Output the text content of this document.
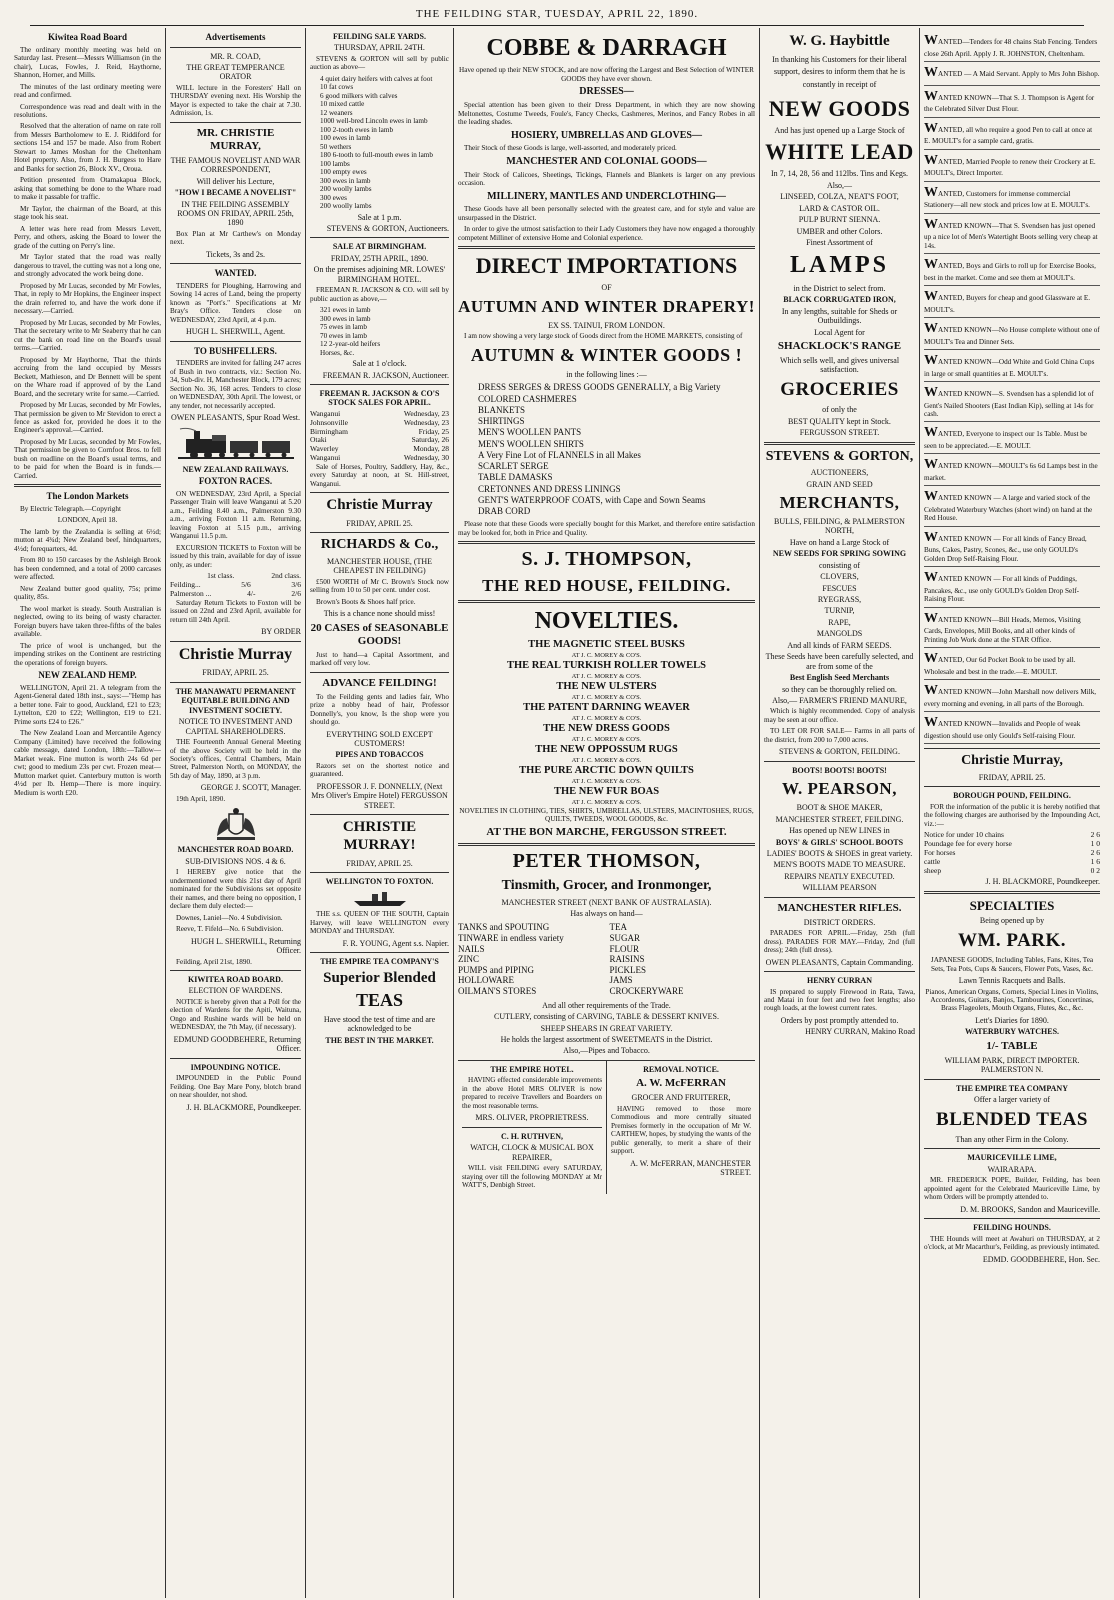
THE FEILDING STAR, TUESDAY, APRIL 22, 1890.
Kiwitea Road Board

The ordinary monthly meeting was held on Saturday last. Present—Messrs Williamson (in the chair), Lucas, Fowles, J. Reid, Haythorne, Shannon, Horner, and Mills.

The minutes of the last ordinary meeting were read and confirmed.

Correspondence was read and dealt with in the resolutions.

Resolved that the alteration of name on rate roll from Messrs Bartholomew to E. J. Riddiford for sections 154 and 157 be made. Also from Robert Stewart to James Moshan for the Cheltenham Hotel property. Also, from J. H. Burgess to Hare and Banks for section 26, Block XV., Oroua.

Petition presented from Otamakapua Block, asking that something be done to the Whare road to make it passable for traffic.

Mr Taylor, the chairman of the Board, at this stage took his seat.

A letter was here read from Messrs Levett, Perry, and others, asking the Board to lower the grade of the cutting on Perry's line.

Mr Taylor stated that the road was really dangerous to travel, the cutting was not a long one, and strongly advocated the work being done.

Proposed by Mr Lucas, seconded by Mr Fowles, That, in reply to Mr Hopkins, the Engineer inspect the drain referred to, and have the work done if necessary.—Carried.

Proposed by Mr Lucas, seconded by Mr Fowles, That the secretary write to Mr Seaberry that he can cut the bank on road line on the Board's usual terms.—Carried.

Proposed by Mr Haythorne, That the thirds accruing from the land occupied by Messrs Beckett, Mathieson, and Dr Bennett will be spent on the Whare road if approved of by the Land Board, and the secretary write for same.—Carried.

Proposed by Mr Lucas, seconded by Mr Fowles, That permission be given to Mr Stevidon to erect a fence as asked for, provided he does it to the Engineer's approval.—Carried.

Proposed by Mr Lucas, seconded by Mr Fowles, That permission be given to Cornfoot Bros. to fell bush on roadline on the Board's usual terms, and to be paid for when the Board is in funds.—Carried.

The London Markets

By Electric Telegraph.—Copyright

LONDON, April 18.

The lamb by the Zealandia is selling at 6½d; mutton at 4¾d; New Zealand beef, hindquarters, 4½d; forequarters, 4d.

From 80 to 150 carcases by the Ashleigh Brook has been condemned, and a total of 2000 carcases were affected.

New Zealand butter good quality, 75s; prime quality, 85s.

The wool market is steady. South Australian is neglected, owing to its being of wasty character. Foreign buyers have taken three-fifths of the bales available.

The price of wool is unchanged, but the impending strikes on the Continent are restricting the operations of foreign buyers.

NEW ZEALAND HEMP.

WELLINGTON, April 21. A telegram from the Agent-General dated 18th inst., says:—"Hemp has a better tone. Fair to good, Auckland, £21 to £23; Lyttelton, £20 to £22; Wellington, £19 to £21. Prime sorts £24 to £26."

The New Zealand Loan and Mercantile Agency Company (Limited) have received the following cable message, dated London, 18th:—Tallow—Market weak. Fine mutton is worth 24s 6d per cwt; good to medium 23s per cwt. Frozen meat—Mutton market quiet. Canterbury mutton is worth 4½d per lb. Hemp—There is more inquiry. Medium is worth £20.

Advertisements
MR. R. COAD,
THE GREAT TEMPERANCE ORATOR

WILL lecture in the Foresters' Hall on THURSDAY evening next. His Worship the Mayor is expected to take the chair at 7.30. Admission, 1s.

MR. CHRISTIE MURRAY,
THE FAMOUS NOVELIST AND WAR CORRESPONDENT,
Will deliver his Lecture,
"HOW I BECAME A NOVELIST"
IN THE FEILDING ASSEMBLY ROOMS ON FRIDAY, APRIL 25th, 1890

Box Plan at Mr Carthew's on Monday next.

Tickets, 3s and 2s.
WANTED.

TENDERS for Ploughing, Harrowing and Sowing 14 acres of Land, being the property known as "Port's." Specifications at Mr Bray's Office. Tenders close on WEDNESDAY, 23rd April, at 4 p.m.

HUGH L. SHERWILL, Agent.
TO BUSHFELLERS.

TENDERS are invited for falling 247 acres of Bush in two contracts, viz.: Section No. 34, Sub-div. H, Manchester Block, 179 acres; Section No. 36, 168 acres. Tenders to close on WEDNESDAY, 30th April. The lowest, or any tender, not necessarily accepted.

OWEN PLEASANTS, Spur Road West.
NEW ZEALAND RAILWAYS.
FOXTON RACES.

ON WEDNESDAY, 23rd April, a Special Passenger Train will leave Wanganui at 5.20 a.m., Feilding 8.40 a.m., Palmerston 9.30 a.m., arriving Foxton 11 a.m. Returning, leaving Foxton at 5.15 p.m., arriving Wanganui 11.5 p.m.

EXCURSION TICKETS to Foxton will be issued by this train, available for day of issue only, as under:

1st class.	2nd class.
Feilding...	5/6	3/6
Palmerston ...	4/-	2/6

Saturday Return Tickets to Foxton will be issued on 22nd and 23rd April, available for return till 24th April.

BY ORDER
Christie Murray
FRIDAY, APRIL 25.
THE MANAWATU PERMANENT EQUITABLE BUILDING AND INVESTMENT SOCIETY.
NOTICE TO INVESTMENT AND CAPITAL SHAREHOLDERS.

THE Fourteenth Annual General Meeting of the above Society will be held in the Society's offices, Central Chambers, Main Street, Palmerston North, on MONDAY, the 5th day of May, 1890, at 3 p.m.

GEORGE J. SCOTT, Manager.

19th April, 1890.

MANCHESTER ROAD BOARD.
SUB-DIVISIONS NOS. 4 & 6.

I HEREBY give notice that the undermentioned were this 21st day of April nominated for the Subdivisions set opposite their names, and there being no opposition, I declare them duly elected:—

Downes, Laniel—No. 4 Subdivision.

Reeve, T. Fifeld—No. 6 Subdivision.

HUGH L. SHERWILL, Returning Officer.

Feilding, April 21st, 1890.

KIWITEA ROAD BOARD.
ELECTION OF WARDENS.

NOTICE is hereby given that a Poll for the election of Wardens for the Apiti, Waituna, Ongo and Rushine wards will be held on WEDNESDAY, the 7th May, (if necessary).

EDMUND GOODBEHERE, Returning Officer.
IMPOUNDING NOTICE.

IMPOUNDED in the Public Pound Feilding. One Bay Mare Pony, blotch brand on near shoulder, not shod.

J. H. BLACKMORE, Poundkeeper.
FEILDING SALE YARDS.
THURSDAY, APRIL 24TH.

STEVENS & GORTON will sell by public auction as above—

4 quiet dairy heifers with calves at foot
10 fat cows
6 good milkers with calves
10 mixed cattle
12 weaners
1000 well-bred Lincoln ewes in lamb
100 2-tooth ewes in lamb
100 ewes in lamb
50 wethers
180 6-tooth to full-mouth ewes in lamb
100 lambs
100 empty ewes
300 ewes in lamb
200 woolly lambs
300 ewes
200 woolly lambs
Sale at 1 p.m.
STEVENS & GORTON, Auctioneers.
SALE AT BIRMINGHAM.
FRIDAY, 25TH APRIL, 1890.
On the premises adjoining MR. LOWES' BIRMINGHAM HOTEL.

FREEMAN R. JACKSON & CO. will sell by public auction as above,—

321 ewes in lamb
300 ewes in lamb
75 ewes in lamb
70 ewes in lamb
12 2-year-old heifers
Horses, &c.
Sale at 1 o'clock.
FREEMAN R. JACKSON, Auctioneer.
FREEMAN R. JACKSON & CO'S STOCK SALES FOR APRIL.
Wanganui	Wednesday, 23
Johnsonville	Wednesday, 23
Birmingham	Friday, 25
Otaki	Saturday, 26
Waverley	Monday, 28
Wanganui	Wednesday, 30

Sale of Horses, Poultry, Saddlery, Hay, &c., every Saturday at noon, at St. Hill-street, Wanganui.

Christie Murray
FRIDAY, APRIL 25.
RICHARDS & Co.,
MANCHESTER HOUSE, (THE CHEAPEST IN FEILDING)

£500 WORTH of Mr C. Brown's Stock now selling from 10 to 50 per cent. under cost.

Brown's Boots & Shoes half price.

This is a chance none should miss!
20 CASES of SEASONABLE GOODS!

Just to hand—a Capital Assortment, and marked off very low.

ADVANCE FEILDING!

To the Feilding gents and ladies fair, Who prize a nobby head of hair, Professor Donnelly's, you know, Is the shop were you should go.

EVERYTHING SOLD EXCEPT CUSTOMERS!
PIPES AND TOBACCOS

Razors set on the shortest notice and guaranteed.

PROFESSOR J. F. DONNELLY, (Next Mrs Oliver's Empire Hotel) FERGUSSON STREET.
CHRISTIE MURRAY!
FRIDAY, APRIL 25.
WELLINGTON TO FOXTON.

THE s.s. QUEEN OF THE SOUTH, Captain Harvey, will leave WELLINGTON every MONDAY and THURSDAY.

F. R. YOUNG, Agent s.s. Napier.
THE EMPIRE TEA COMPANY'S
Superior Blended
TEAS
Have stood the test of time and are acknowledged to be
THE BEST IN THE MARKET.
COBBE & DARRAGH

Have opened up their NEW STOCK, and are now offering the Largest and Best Selection of WINTER GOODS they have ever shown.

DRESSES—

Special attention has been given to their Dress Department, in which they are now showing Meltonettes, Costume Tweeds, Foule's, Fancy Checks, Cashmeres, Merinos, and Fancy Robes in all the leading shades.

HOSIERY, UMBRELLAS AND GLOVES—

Their Stock of these Goods is large, well-assorted, and moderately priced.

MANCHESTER AND COLONIAL GOODS—

Their Stock of Calicoes, Sheetings, Tickings, Flannels and Blankets is larger on any previous occasion.

MILLINERY, MANTLES AND UNDERCLOTHING—

These Goods have all been personally selected with the greatest care, and for style and value are unsurpassed in the District.

In order to give the utmost satisfaction to their Lady Customers they have now engaged a thoroughly competent Milliner of extensive Home and Colonial experience.

DIRECT IMPORTATIONS
OF
AUTUMN AND WINTER DRAPERY!
EX SS. TAINUI, FROM LONDON.

I am now showing a very large stock of Goods direct from the HOME MARKETS, consisting of

AUTUMN & WINTER GOODS !
in the following lines :—
DRESS SERGES & DRESS GOODS GENERALLY, a Big Variety
COLORED CASHMERES
BLANKETS
SHIRTINGS
MEN'S WOOLLEN PANTS
MEN'S WOOLLEN SHIRTS
A Very Fine Lot of FLANNELS in all Makes
SCARLET SERGE
TABLE DAMASKS
CRETONNES AND DRESS LININGS
GENT'S WATERPROOF COATS, with Cape and Sown Seams
DRAB CORD

Please note that these Goods were specially bought for this Market, and therefore entire satisfaction may be looked for, both in Price and Quality.

S. J. THOMPSON,
THE RED HOUSE, FEILDING.
NOVELTIES.
THE MAGNETIC STEEL BUSKS
AT J. C. MOREY & CO'S.
THE REAL TURKISH ROLLER TOWELS
AT J. C. MOREY & CO'S.
THE NEW ULSTERS
AT J. C. MOREY & CO'S.
THE PATENT DARNING WEAVER
AT J. C. MOREY & CO'S.
THE NEW DRESS GOODS
AT J. C. MOREY & CO'S.
THE NEW OPPOSSUM RUGS
AT J. C. MOREY & CO'S.
THE PURE ARCTIC DOWN QUILTS
AT J. C. MOREY & CO'S.
THE NEW FUR BOAS
AT J. C. MOREY & CO'S.

NOVELTIES IN CLOTHING, TIES, SHIRTS, UMBRELLAS, ULSTERS, MACINTOSHES, RUGS, QUILTS, TWEEDS, WOOL GOODS, &c.

AT THE BON MARCHE, FERGUSSON STREET.
PETER THOMSON,
Tinsmith, Grocer, and Ironmonger,
MANCHESTER STREET (NEXT BANK OF AUSTRALASIA).
Has always on hand—
TANKS and SPOUTING
TINWARE in endless variety
NAILS
ZINC
PUMPS and PIPING
HOLLOWARE
OILMAN'S STORES
TEA
SUGAR
FLOUR
RAISINS
PICKLES
JAMS
CROCKERYWARE
And all other requirements of the Trade.
CUTLERY, consisting of CARVING, TABLE & DESSERT KNIVES.
SHEEP SHEARS IN GREAT VARIETY.
He holds the largest assortment of SWEETMEATS in the District.
Also,—Pipes and Tobacco.
THE EMPIRE HOTEL.

HAVING effected considerable improvements in the above Hotel MRS OLIVER is now prepared to receive Travellers and Boarders on the most reasonable terms.

MRS. OLIVER, PROPRIETRESS.
C. H. RUTHVEN,
WATCH, CLOCK & MUSICAL BOX REPAIRER,

WILL visit FEILDING every SATURDAY, staying over till the following MONDAY at Mr WATT'S, Denbigh Street.

REMOVAL NOTICE.
A. W. McFERRAN
GROCER AND FRUITERER,

HAVING removed to those more Commodious and more centrally situated Premises formerly in the occupation of Mr W. CARTHEW, hopes, by studying the wants of the public generally, to merit a share of their support.

A. W. McFERRAN, MANCHESTER STREET.
W. G. Haybittle

In thanking his Customers for their liberal support, desires to inform them that he is constantly in receipt of

NEW GOODS
And has just opened up a Large Stock of
WHITE LEAD
In 7, 14, 28, 56 and 112lbs. Tins and Kegs.
Also,—
LINSEED, COLZA, NEAT'S FOOT,
LARD & CASTOR OIL.
PULP BURNT SIENNA.
UMBER and other Colors.
Finest Assortment of
LAMPS
in the District to select from.
BLACK CORRUGATED IRON,
In any lengths, suitable for Sheds or Outbuildings.
Local Agent for
SHACKLOCK'S RANGE
Which sells well, and gives universal satisfaction.
GROCERIES
of only the
BEST QUALITY kept in Stock.
FERGUSSON STREET.
STEVENS & GORTON,
AUCTIONEERS,
GRAIN AND SEED
MERCHANTS,
BULLS, FEILDING, & PALMERSTON NORTH,
Have on hand a Large Stock of
NEW SEEDS FOR SPRING SOWING
consisting of
CLOVERS,
FESCUES
RYEGRASS,
TURNIP,
RAPE,
MANGOLDS
And all kinds of FARM SEEDS.
These Seeds have been carefully selected, and are from some of the
Best English Seed Merchants
so they can be thoroughly relied on.
Also,— FARMER'S FRIEND MANURE,

Which is highly recommended. Copy of analysis may be seen at our office.

TO LET OR FOR SALE— Farms in all parts of the district, from 200 to 7,000 acres.

STEVENS & GORTON, FEILDING.
BOOTS! BOOTS! BOOTS!
W. PEARSON,
BOOT & SHOE MAKER,
MANCHESTER STREET, FEILDING.
Has opened up NEW LINES in
BOYS' & GIRLS' SCHOOL BOOTS
LADIES' BOOTS & SHOES in great variety.
MEN'S BOOTS MADE TO MEASURE.
REPAIRS NEATLY EXECUTED.
WILLIAM PEARSON
MANCHESTER RIFLES.
DISTRICT ORDERS.

PARADES FOR APRIL.—Friday, 25th (full dress). PARADES FOR MAY.—Friday, 2nd (full dress); 24th (full dress).

OWEN PLEASANTS, Captain Commanding.
HENRY CURRAN

IS prepared to supply Firewood in Rata, Tawa, and Matai in four feet and two feet lengths; also rough loads, at the lowest current rates.

Orders by post promptly attended to.
HENRY CURRAN, Makino Road
WANTED—Tenders for 48 chains Stab Fencing. Tenders close 26th April. Apply J. R. JOHNSTON, Cheltenham.
WANTED — A Maid Servant. Apply to Mrs John Bishop.
WANTED KNOWN—That S. J. Thompson is Agent for the Celebrated Silver Dust Flour.
WANTED, all who require a good Pen to call at once at E. MOULT's for a sample card, gratis.
WANTED, Married People to renew their Crockery at E. MOULT's, Direct Importer.
WANTED, Customers for immense commercial Stationery—all new stock and prices low at E. MOULT's.
WANTED KNOWN—That S. Svendsen has just opened up a nice lot of Men's Watertight Boots selling very cheap at 14s.
WANTED, Boys and Girls to roll up for Exercise Books, best in the market. Come and see them at MOULT's.
WANTED, Buyers for cheap and good Glassware at E. MOULT's.
WANTED KNOWN—No House complete without one of MOULT's Tea and Dinner Sets.
WANTED KNOWN—Odd White and Gold China Cups in large or small quantities at E. MOULT's.
WANTED KNOWN—S. Svendsen has a splendid lot of Gent's Nailed Shooters (East Indian Kip), selling at 14s for cash.
WANTED, Everyone to inspect our 1s Table. Must be seen to be appreciated.—E. MOULT.
WANTED KNOWN—MOULT's 6s 6d Lamps best in the market.
WANTED KNOWN — A large and varied stock of the Celebrated Waterbury Watches (short wind) on hand at the Red House.
WANTED KNOWN — For all kinds of Fancy Bread, Buns, Cakes, Pastry, Scones, &c., use only GOULD's Golden Drop Self-Raising Flour.
WANTED KNOWN — For all kinds of Puddings, Pancakes, &c., use only GOULD's Golden Drop Self-Raising Flour.
WANTED KNOWN—Bill Heads, Memos, Visiting Cards, Envelopes, Mill Books, and all other kinds of Printing Job Work done at the STAR Office.
WANTED, Our 6d Pocket Book to be used by all. Wholesale and best in the trade.—E. MOULT.
WANTED KNOWN—John Marshall now delivers Milk, every morning and evening, in all parts of the Borough.
WANTED KNOWN—Invalids and People of weak digestion should use only Gould's Self-raising Flour.
Christie Murray,
FRIDAY, APRIL 25.
BOROUGH POUND, FEILDING.

FOR the information of the public it is hereby notified that the following charges are authorised by the Impounding Act, viz.:—

Notice for under 10 chains	2 6
Poundage fee for every horse	1 0
For horses	2 6
cattle	1 6
sheep	0 2
J. H. BLACKMORE, Poundkeeper.
SPECIALTIES
Being opened up by
WM. PARK.

JAPANESE GOODS, Including Tables, Fans, Kites, Tea Sets, Tea Pots, Cups & Saucers, Flower Pots, Vases, &c.

Lawn Tennis Racquets and Balls.

Pianos, American Organs, Cornets, Special Lines in Violins, Accordeons, Guitars, Banjos, Tambourines, Concertinas, Brass Flageolets, Mouth Organs, Flutes, &c., &c.

Lett's Diaries for 1890.
WATERBURY WATCHES.
1/- TABLE
WILLIAM PARK, DIRECT IMPORTER. PALMERSTON N.
THE EMPIRE TEA COMPANY
Offer a larger variety of
BLENDED TEAS
Than any other Firm in the Colony.
MAURICEVILLE LIME,
WAIRARAPA.

MR. FREDERICK POPE, Builder, Feilding, has been appointed agent for the Celebrated Mauriceville Lime, by whom Orders will be promptly attended to.

D. M. BROOKS, Sandon and Mauriceville.
FEILDING HOUNDS.

THE Hounds will meet at Awahuri on THURSDAY, at 2 o'clock, at Mr Macarthur's, Feilding, as previously intimated.

EDMD. GOODBEHERE, Hon. Sec.
